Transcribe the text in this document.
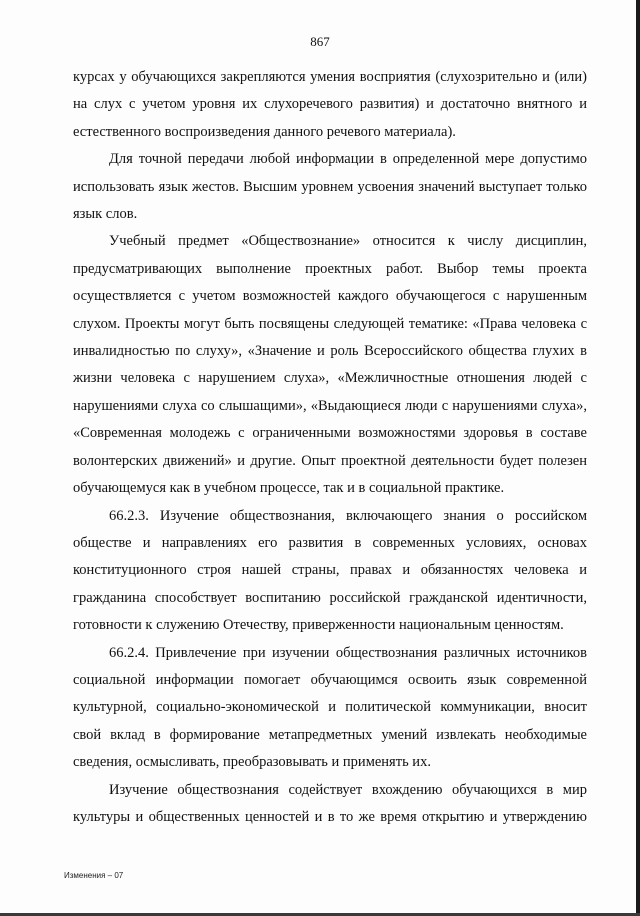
867

курсах у обучающихся закрепляются умения восприятия (слухозрительно и (или) на слух с учетом уровня их слухоречевого развития) и достаточно внятного и естественного воспроизведения данного речевого материала).

Для точной передачи любой информации в определенной мере допустимо использовать язык жестов. Высшим уровнем усвоения значений выступает только язык слов.

Учебный предмет «Обществознание» относится к числу дисциплин, предусматривающих выполнение проектных работ. Выбор темы проекта осуществляется с учетом возможностей каждого обучающегося с нарушенным слухом. Проекты могут быть посвящены следующей тематике: «Права человека с инвалидностью по слуху», «Значение и роль Всероссийского общества глухих в жизни человека с нарушением слуха», «Межличностные отношения людей с нарушениями слуха со слышащими», «Выдающиеся люди с нарушениями слуха», «Современная молодежь с ограниченными возможностями здоровья в составе волонтерских движений» и другие. Опыт проектной деятельности будет полезен обучающемуся как в учебном процессе, так и в социальной практике.

66.2.3. Изучение обществознания, включающего знания о российском обществе и направлениях его развития в современных условиях, основах конституционного строя нашей страны, правах и обязанностях человека и гражданина способствует воспитанию российской гражданской идентичности, готовности к служению Отечеству, приверженности национальным ценностям.

66.2.4. Привлечение при изучении обществознания различных источников социальной информации помогает обучающимся освоить язык современной культурной, социально-экономической и политической коммуникации, вносит свой вклад в формирование метапредметных умений извлекать необходимые сведения, осмысливать, преобразовывать и применять их.

Изучение обществознания содействует вхождению обучающихся в мир культуры и общественных ценностей и в то же время открытию и утверждению

Изменения – 07
